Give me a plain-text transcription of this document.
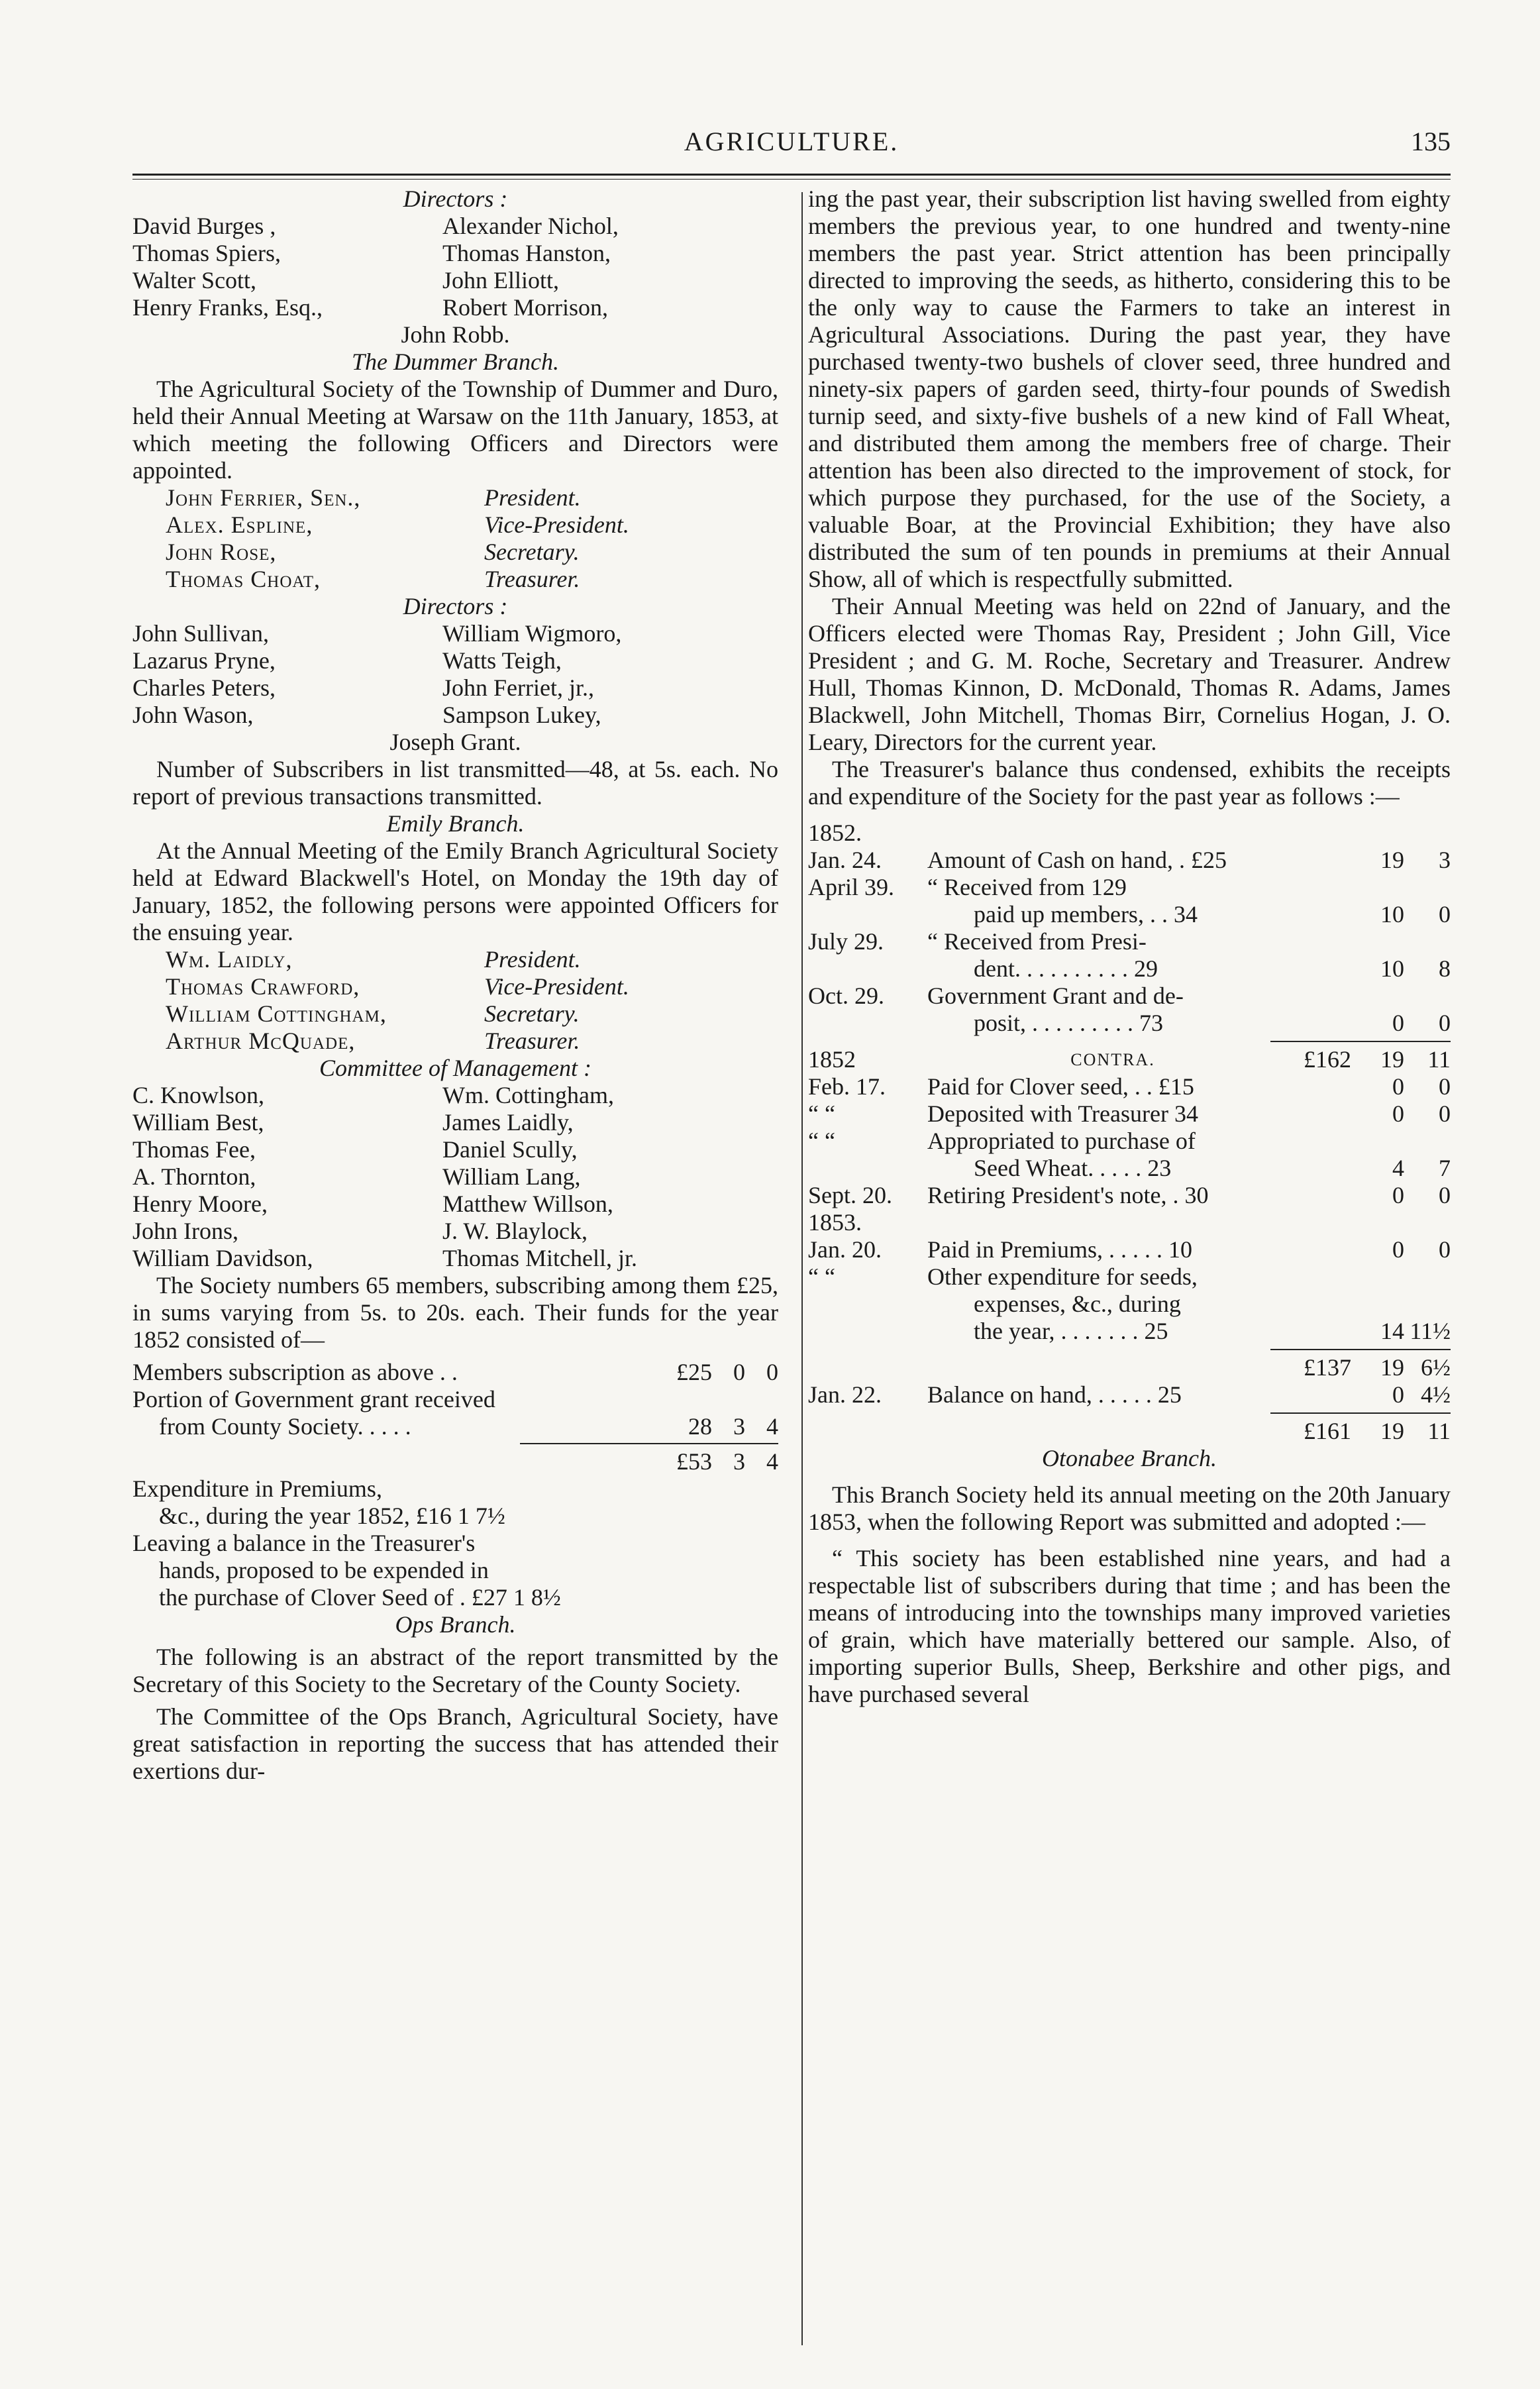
AGRICULTURE.	135

Directors :

David Burges ,	Alexander Nichol,
Thomas Spiers,	Thomas Hanston,
Walter Scott,	John Elliott,
Henry Franks, Esq.,	Robert Morrison,

John Robb.

The Dummer Branch.

The Agricultural Society of the Township of Dummer and Duro, held their Annual Meeting at Warsaw on the 11th January, 1853, at which meeting the following Officers and Directors were appointed.

John Ferrier, Sen.,	President.
Alex. Espline,	Vice-President.
John Rose,	Secretary.
Thomas Choat,	Treasurer.

Directors :

John Sullivan,	William Wigmoro,
Lazarus Pryne,	Watts Teigh,
Charles Peters,	John Ferriet, jr.,
John Wason,	Sampson Lukey,

Joseph Grant.

Number of Subscribers in list transmitted—48, at 5s. each. No report of previous transactions transmitted.

Emily Branch.

At the Annual Meeting of the Emily Branch Agricultural Society held at Edward Blackwell's Hotel, on Monday the 19th day of January, 1852, the following persons were appointed Officers for the ensuing year.

Wm. Laidly,	President.
Thomas Crawford,	Vice-President.
William Cottingham,	Secretary.
Arthur McQuade,	Treasurer.

Committee of Management :

C. Knowlson,	Wm. Cottingham,
William Best,	James Laidly,
Thomas Fee,	Daniel Scully,
A. Thornton,	William Lang,
Henry Moore,	Matthew Willson,
John Irons,	J. W. Blaylock,
William Davidson,	Thomas Mitchell, jr.

The Society numbers 65 members, subscribing among them £25, in sums varying from 5s. to 20s. each. Their funds for the year 1852 consisted of—

Members subscription as above . .	£25 0 0
Portion of Government grant received
from County Society. . . . .	28 3 4
£53 3 4

Expenditure in Premiums,

&c., during the year 1852, £16 1 7½

Leaving a balance in the Treasurer's

hands, proposed to be expended in

the purchase of Clover Seed of . £27 1 8½

Ops Branch.

The following is an abstract of the report transmitted by the Secretary of this Society to the Secretary of the County Society.

The Committee of the Ops Branch, Agricultural Society, have great satisfaction in reporting the success that has attended their exertions dur-

ing the past year, their subscription list having swelled from eighty members the previous year, to one hundred and twenty-nine members the past year. Strict attention has been principally directed to improving the seeds, as hitherto, considering this to be the only way to cause the Farmers to take an interest in Agricultural Associations. During the past year, they have purchased twenty-two bushels of clover seed, three hundred and ninety-six papers of garden seed, thirty-four pounds of Swedish turnip seed, and sixty-five bushels of a new kind of Fall Wheat, and distributed them among the members free of charge. Their attention has been also directed to the improvement of stock, for which purpose they purchased, for the use of the Society, a valuable Boar, at the Provincial Exhibition; they have also distributed the sum of ten pounds in premiums at their Annual Show, all of which is respectfully submitted.

Their Annual Meeting was held on 22nd of January, and the Officers elected were Thomas Ray, President ; John Gill, Vice President ; and G. M. Roche, Secretary and Treasurer. Andrew Hull, Thomas Kinnon, D. McDonald, Thomas R. Adams, James Blackwell, John Mitchell, Thomas Birr, Cornelius Hogan, J. O. Leary, Directors for the current year.

The Treasurer's balance thus condensed, exhibits the receipts and expenditure of the Society for the past year as follows :—

1852.

Jan. 24.	Amount of Cash on hand, . £25	19	3
April 39.	“ Received from 129
paid up members, . . 34	10	0
July 29.	“ Received from Presi-
dent. . . . . . . . . . 29	10	8
Oct. 29.	Government Grant and de-
posit, . . . . . . . . . 73	0	0
1852	CONTRA.	£162	19 11
Feb. 17.	Paid for Clover seed, . . £15	0	0
“ “	Deposited with Treasurer 34	0	0
“ “	Appropriated to purchase of
Seed Wheat. . . . . 23	4	7
Sept. 20.	Retiring President's note, . 30	0	0
1853.
Jan. 20.	Paid in Premiums, . . . . . 10	0	0
“ “	Other expenditure for seeds,
expenses, &c., during
the year, . . . . . . . 25	14 11½
£137	19 6½
Jan. 22.	Balance on hand, . . . . . 25	0 4½
£161	19 11

Otonabee Branch.

This Branch Society held its annual meeting on the 20th January 1853, when the following Report was submitted and adopted :—

“ This society has been established nine years, and had a respectable list of subscribers during that time ; and has been the means of introducing into the townships many improved varieties of grain, which have materially bettered our sample. Also, of importing superior Bulls, Sheep, Berkshire and other pigs, and have purchased several
